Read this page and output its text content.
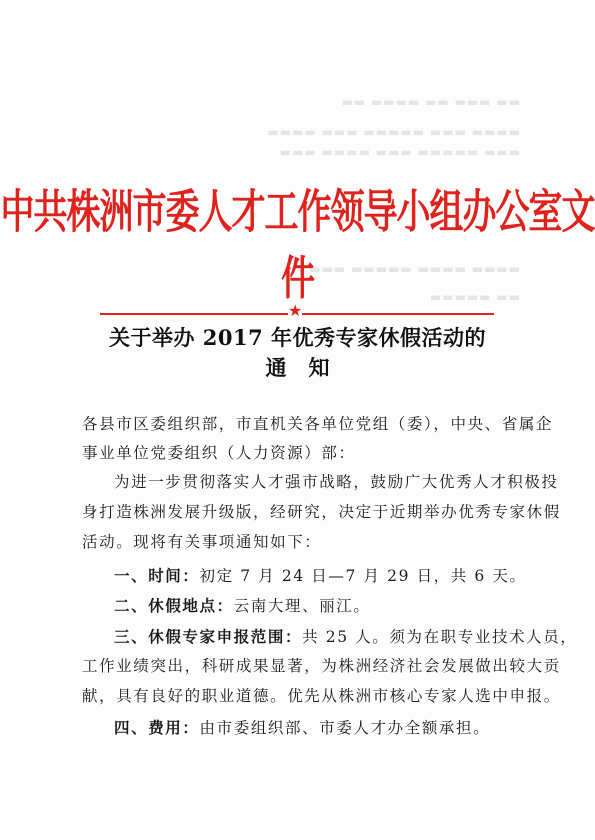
▬▬ ▬▬▬ ▬▬ ▬▬▬▬ ▬▬
▬▬▬▬ ▬▬▬ ▬▬▬▬▬ ▬▬▬ ▬▬▬▬
▬▬▬ ▬▬▬▬▬ ▬▬▬ ▬▬▬▬ ▬▬▬
▬▬▬▬ ▬▬▬▬ ▬▬▬▬▬ ▬▬▬
▬▬ ▬▬▬▬▬
中共株洲市委人才工作领导小组办公室文件
★
关于举办 2017 年优秀专家休假活动的
通知
各县市区委组织部，市直机关各单位党组（委），中央、省属企
事业单位党委组织（人力资源）部：
为进一步贯彻落实人才强市战略，鼓励广大优秀人才积极投
身打造株洲发展升级版，经研究，决定于近期举办优秀专家休假
活动。现将有关事项通知如下：
一、时间：初定 7 月 24 日—7 月 29 日，共 6 天。
二、休假地点：云南大理、丽江。
三、休假专家申报范围：共 25 人。须为在职专业技术人员，
工作业绩突出，科研成果显著，为株洲经济社会发展做出较大贡
献，具有良好的职业道德。优先从株洲市核心专家人选中申报。
四、费用：由市委组织部、市委人才办全额承担。
